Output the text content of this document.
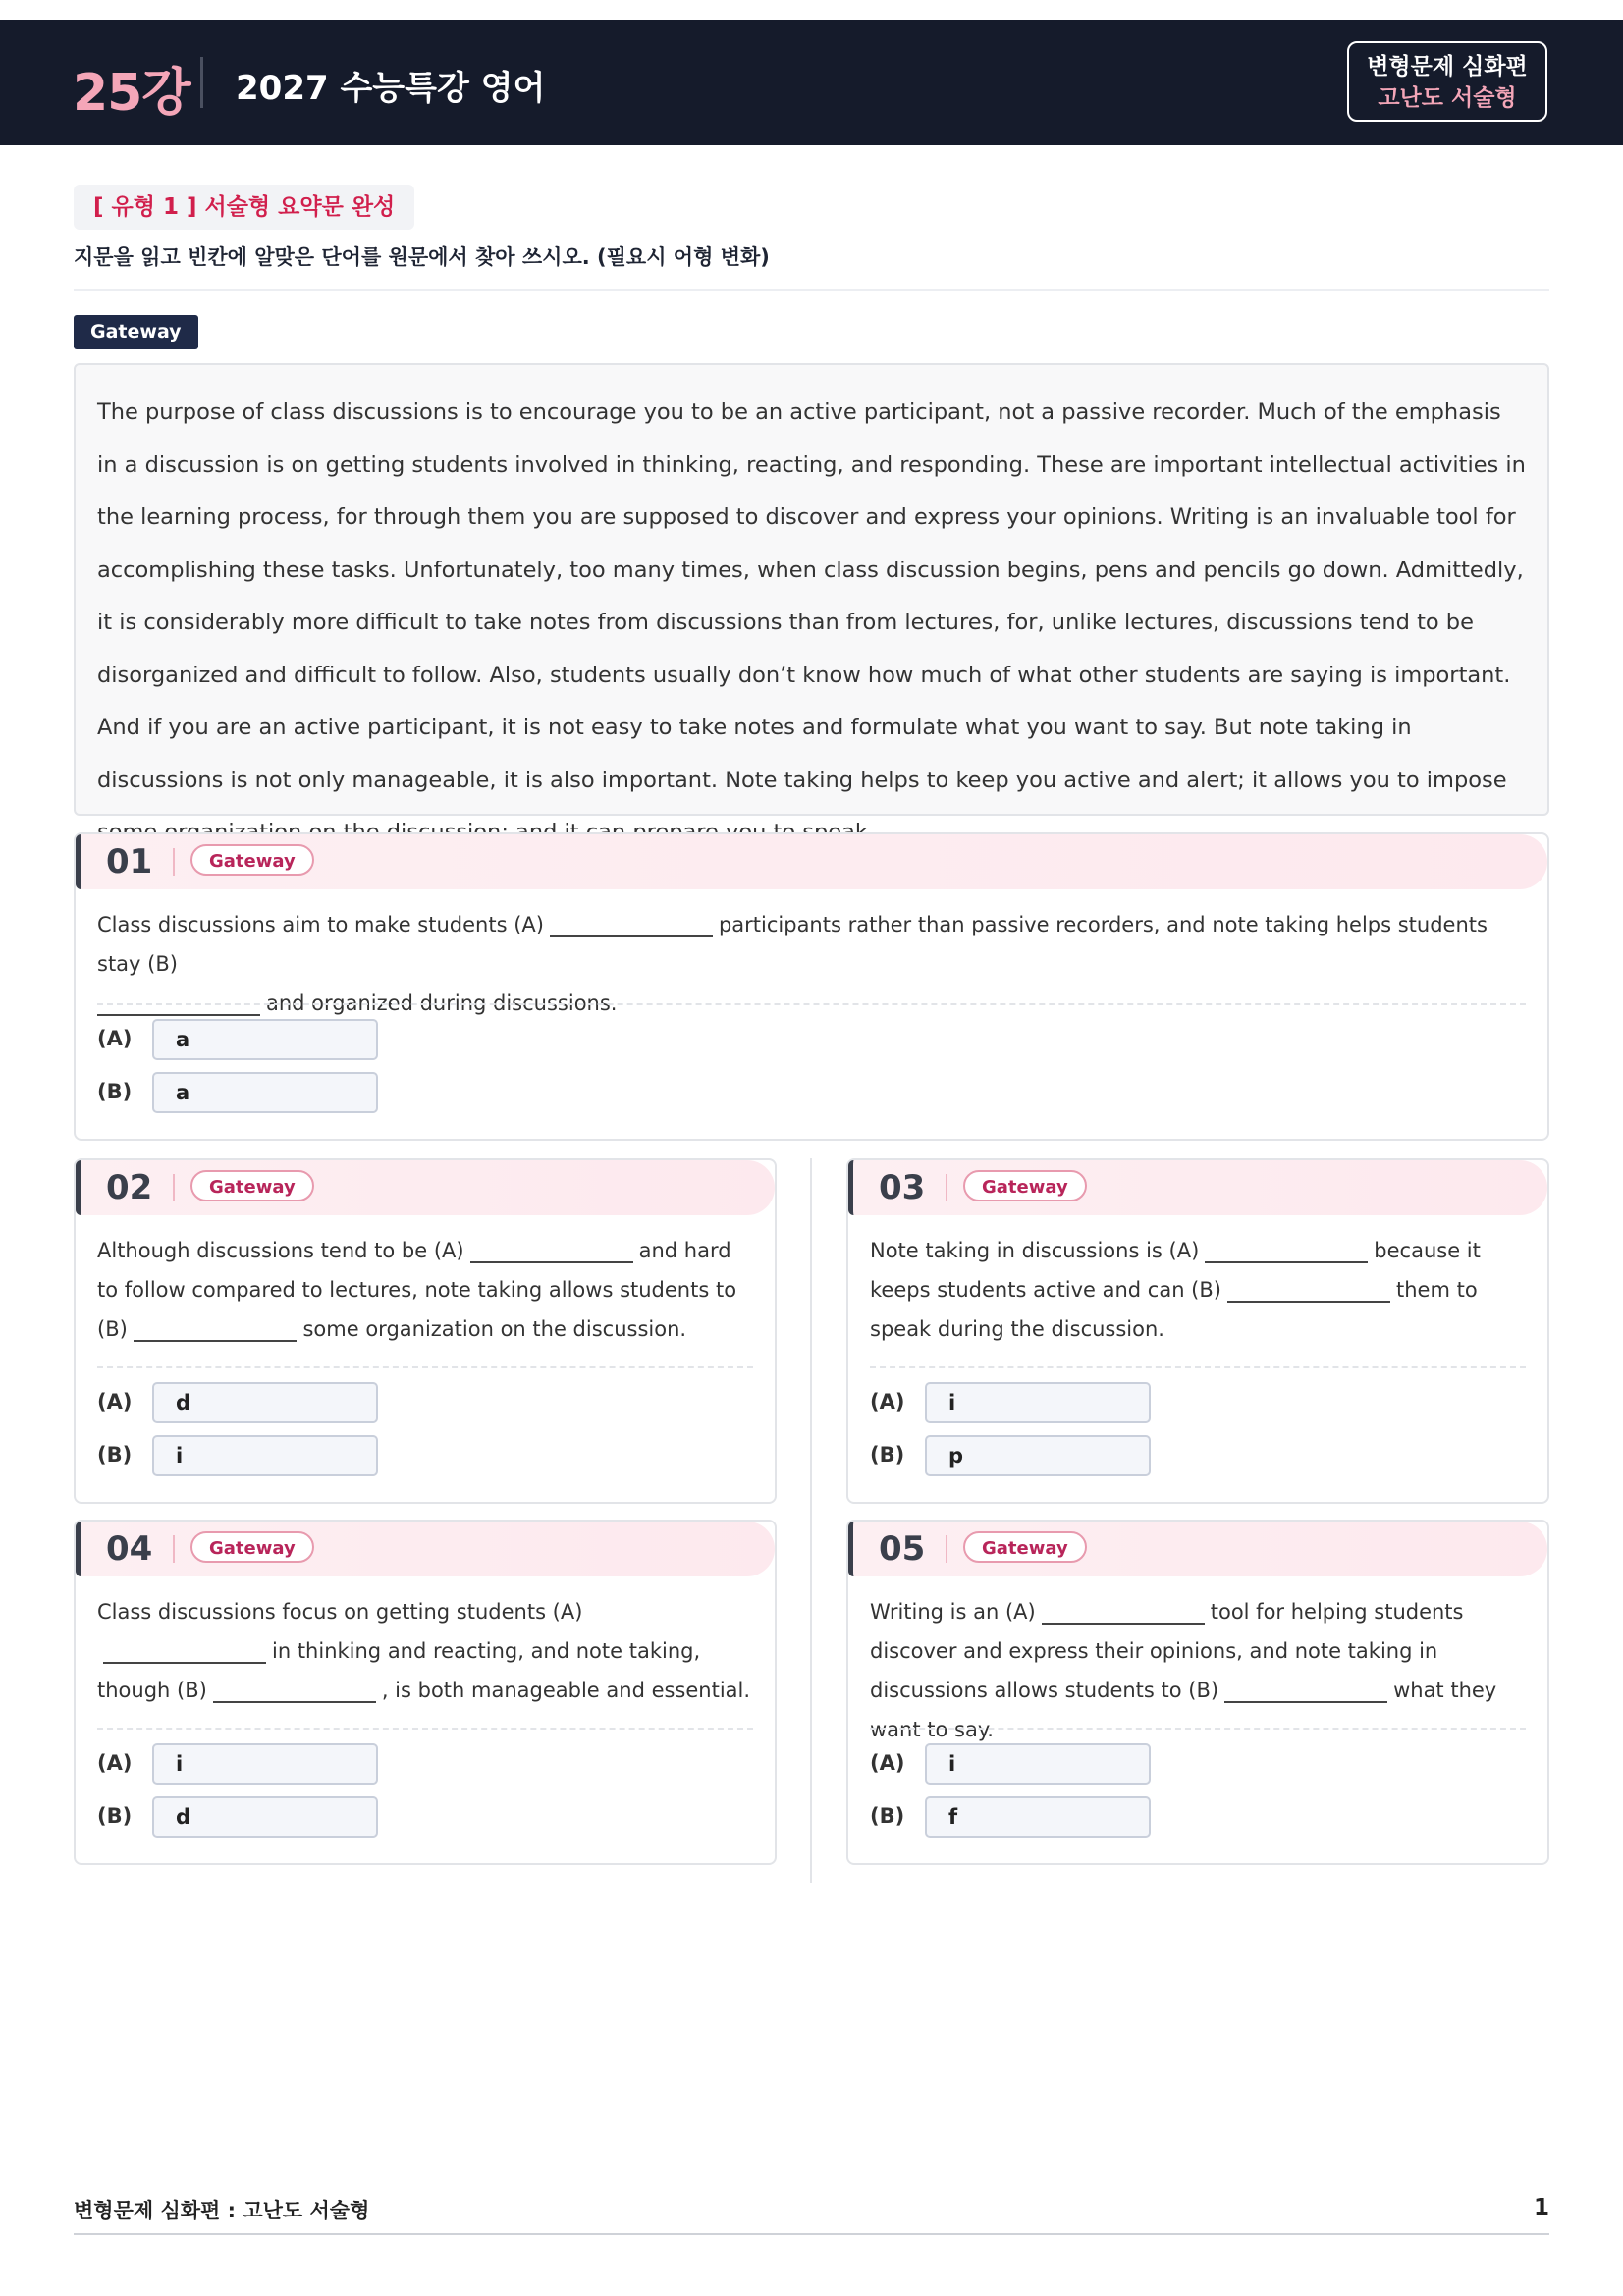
25강 2027 수능특강 영어
변형문제 심화편
고난도 서술형
[ 유형 1 ] 서술형 요약문 완성
지문을 읽고 빈칸에 알맞은 단어를 원문에서 찾아 쓰시오. (필요시 어형 변화)
Gateway
The purpose of class discussions is to encourage you to be an active participant, not a passive recorder. Much of the emphasis in a discussion is on getting students involved in thinking, reacting, and responding. These are important intellectual activities in the learning process, for through them you are supposed to discover and express your opinions. Writing is an invaluable tool for accomplishing these tasks. Unfortunately, too many times, when class discussion begins, pens and pencils go down. Admittedly, it is considerably more difficult to take notes from discussions than from lectures, for, unlike lectures, discussions tend to be disorganized and difficult to follow. Also, students usually don’t know how much of what other students are saying is important. And if you are an active participant, it is not easy to take notes and formulate what you want to say. But note taking in discussions is not only manageable, it is also important. Note taking helps to keep you active and alert; it allows you to impose
01	Gateway
Class discussions aim to make students (A)	participants rather than passive recorders, and note taking helps students stay (B)
and organized during discussions.
(A)	a
(B)	a
02	Gateway
Although discussions tend to be (A)	and hard to follow compared to lectures, note taking allows students to (B)	some organization on the discussion.
(A)	d
(B)	i
03	Gateway
Note taking in discussions is (A)	because it keeps students active and can (B)	them to speak during the discussion.
(A)	i
(B)	p
04	Gateway
Class discussions focus on getting students (A)in thinking and reacting, and note taking, though (B)	, is both manageable and essential.
(A)	i
(B)	d
05	Gateway
Writing is an (A)	tool for helping students discover and express their opinions, and note taking in discussions allows students to (B)	what they want to say.
(A)	i
(B)	f
변형문제 심화편 : 고난도 서술형	1
